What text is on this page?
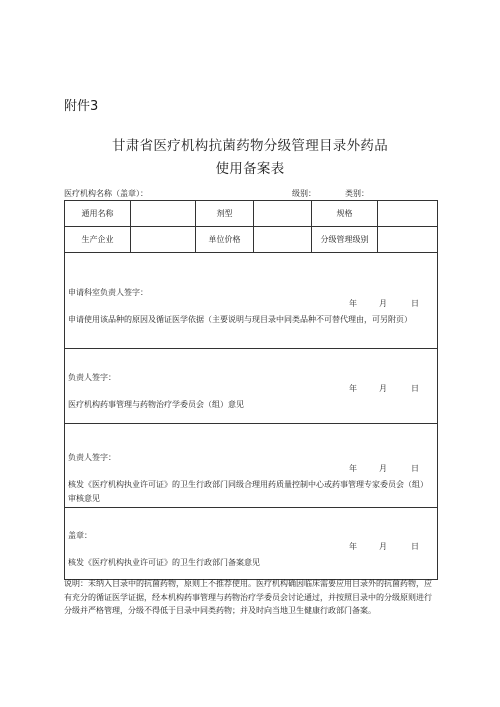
附件3
甘肃省医疗机构抗菌药物分级管理目录外药品
使用备案表
医疗机构名称（盖章）：	级别：	类别：
通用名称		剂型		规格	
生产企业		单位价格		分级管理级别	

申请使用该品种的原因及循证医学依据（主要说明与现目录中同类品种不可替代理由，可另附页）
申请科室负责人签字：
年 月 日					

医疗机构药事管理与药物治疗学委员会（组）意见
负责人签字：
年 月 日					

核发《医疗机构执业许可证》的卫生行政部门同级合理用药质量控制中心或药事管理专家委员会（组）审核意见
负责人签字：
年 月 日					

核发《医疗机构执业许可证》的卫生行政部门备案意见
盖章：
年 月 日					
说明：未纳入目录中的抗菌药物，原则上不推荐使用。医疗机构确因临床需要应用目录外的抗菌药物，应有充分的循证医学证据，经本机构药事管理与药物治疗学委员会讨论通过，并按照目录中的分级原则进行分级并严格管理，分级不得低于目录中同类药物；并及时向当地卫生健康行政部门备案。
